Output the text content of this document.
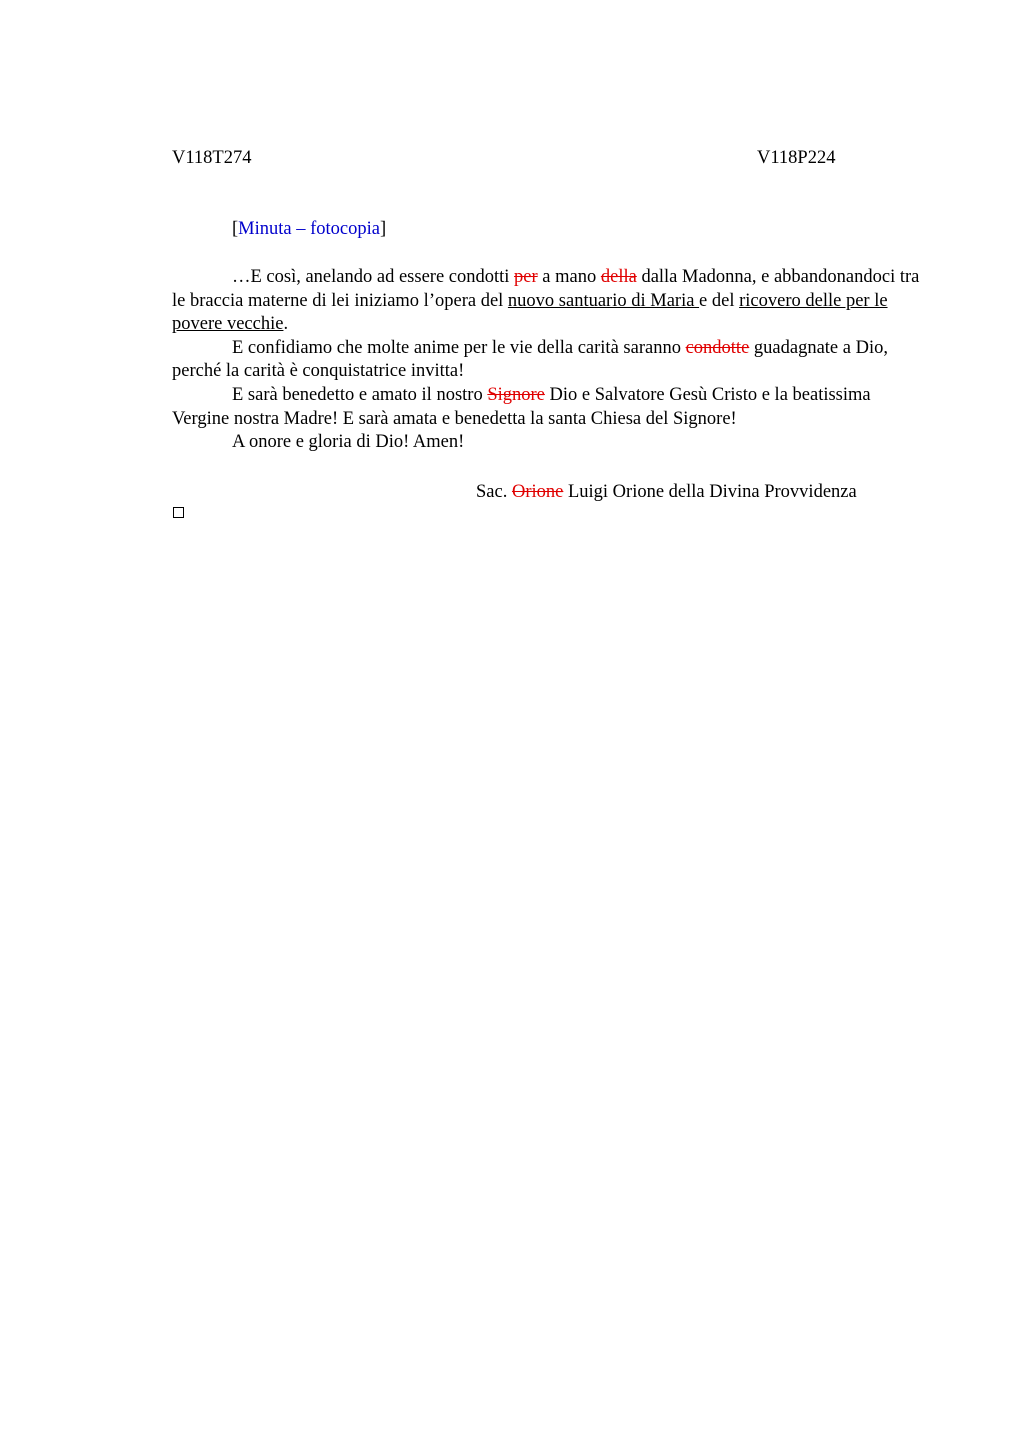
V118T274	V118P224
[Minuta – fotocopia]

…E così, anelando ad essere condotti per a mano della dalla Madonna, e abbandonandoci tra le braccia materne di lei iniziamo l’opera del nuovo santuario di Maria e del ricovero delle per le povere vecchie.

E confidiamo che molte anime per le vie della carità saranno condotte guadagnate a Dio, perché la carità è conquistatrice invitta!

E sarà benedetto e amato il nostro Signore Dio e Salvatore Gesù Cristo e la beatissima Vergine nostra Madre! E sarà amata e benedetta la santa Chiesa del Signore!

A onore e gloria di Dio! Amen!

Sac. Orione Luigi Orione della Divina Provvidenza
